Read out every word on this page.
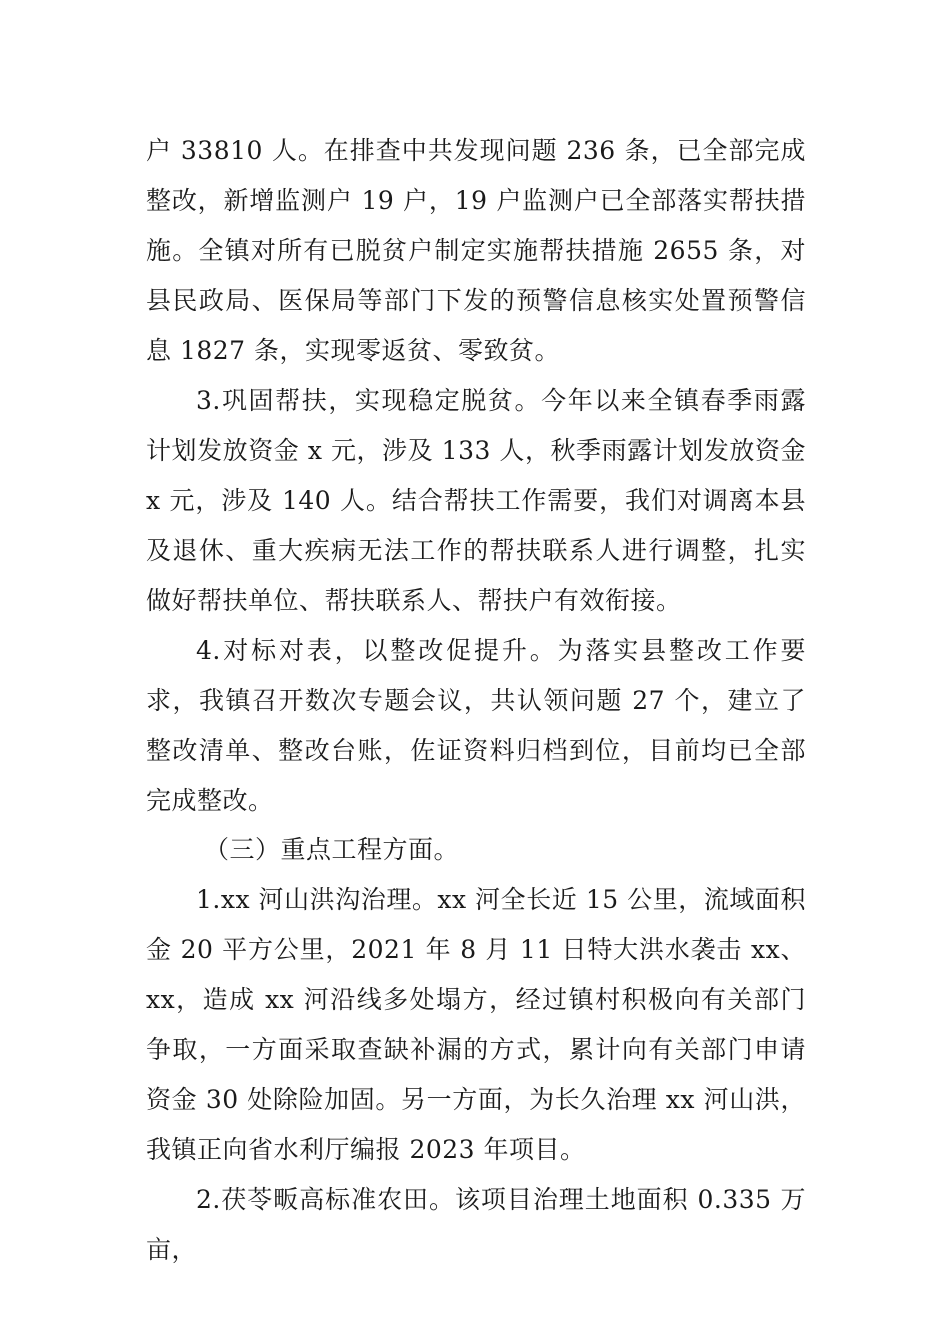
户 33810 人。在排查中共发现问题 236 条，已全部完成整改，新增监测户 19 户，19 户监测户已全部落实帮扶措施。全镇对所有已脱贫户制定实施帮扶措施 2655 条，对县民政局、医保局等部门下发的预警信息核实处置预警信息 1827 条，实现零返贫、零致贫。

3.巩固帮扶，实现稳定脱贫。今年以来全镇春季雨露计划发放资金 x 元，涉及 133 人，秋季雨露计划发放资金 x 元，涉及 140 人。结合帮扶工作需要，我们对调离本县及退休、重大疾病无法工作的帮扶联系人进行调整，扎实做好帮扶单位、帮扶联系人、帮扶户有效衔接。

4.对标对表，以整改促提升。为落实县整改工作要求，我镇召开数次专题会议，共认领问题 27 个，建立了整改清单、整改台账，佐证资料归档到位，目前均已全部完成整改。

（三）重点工程方面。

1.xx 河山洪沟治理。xx 河全长近 15 公里，流域面积金 20 平方公里，2021 年 8 月 11 日特大洪水袭击 xx、xx，造成 xx 河沿线多处塌方，经过镇村积极向有关部门争取，一方面采取查缺补漏的方式，累计向有关部门申请资金 30 处除险加固。另一方面，为长久治理 xx 河山洪，我镇正向省水利厅编报 2023 年项目。

2.茯苓畈高标准农田。该项目治理土地面积 0.335 万亩，
